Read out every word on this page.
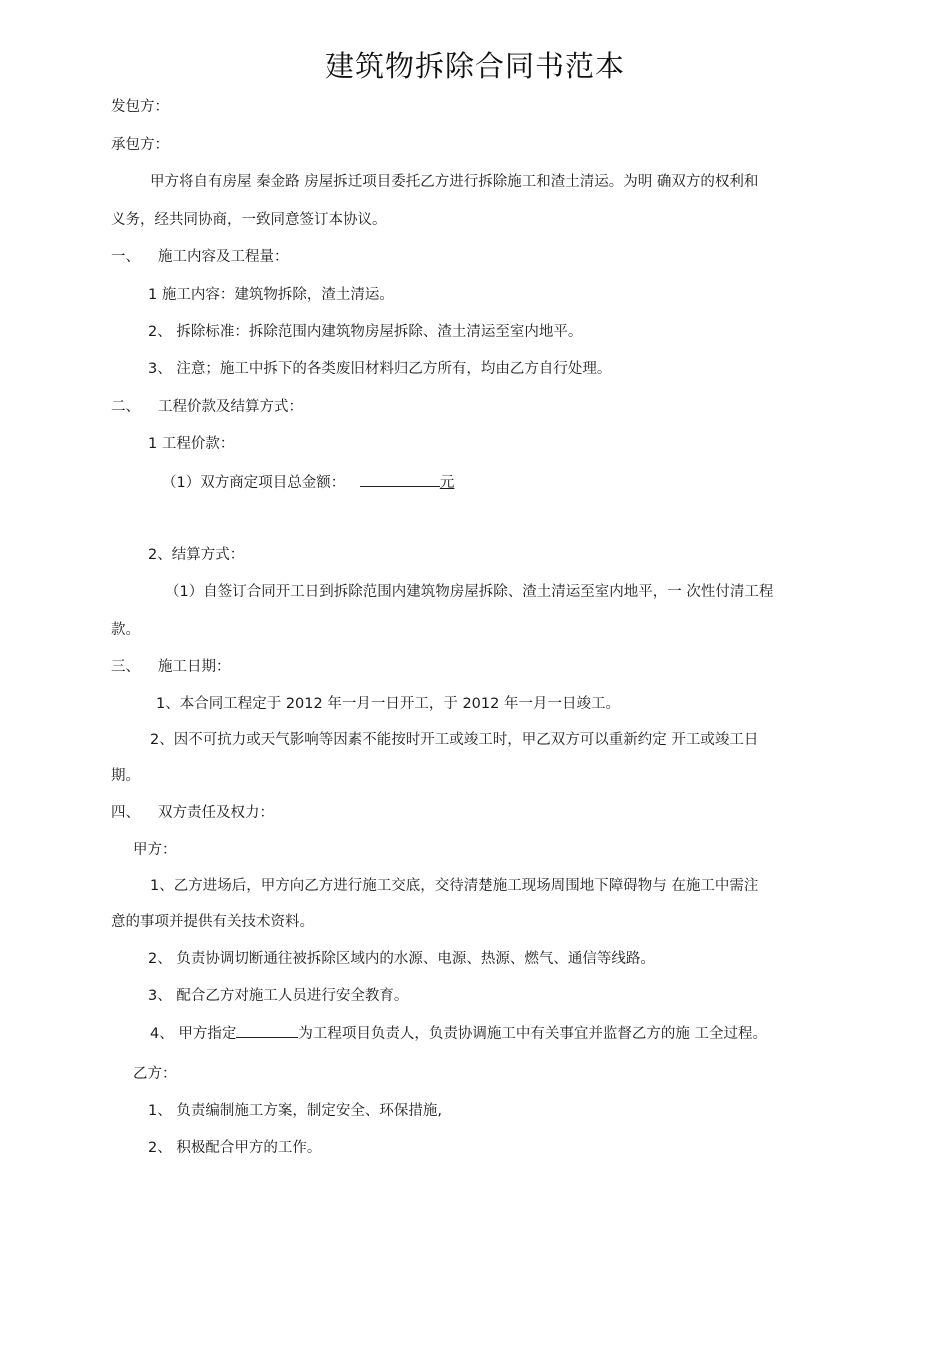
建筑物拆除合同书范本
发包方：
承包方：
甲方将自有房屋 秦金路 房屋拆迁项目委托乙方进行拆除施工和渣土清运。为明 确双方的权利和
义务，经共同协商，一致同意签订本协议。
一、 施工内容及工程量：
1 施工内容：建筑物拆除，渣土清运。
2、 拆除标准：拆除范围内建筑物房屋拆除、渣土清运至室内地平。
3、 注意；施工中拆下的各类废旧材料归乙方所有，均由乙方自行处理。
二、 工程价款及结算方式：
1 工程价款：
（1）双方商定项目总金额：	元
2、结算方式：
（1）自签订合同开工日到拆除范围内建筑物房屋拆除、渣土清运至室内地平，一 次性付清工程
款。
三、 施工日期：
1、本合同工程定于 2012 年一月一日开工，于 2012 年一月一日竣工。
2、因不可抗力或天气影响等因素不能按时开工或竣工时，甲乙双方可以重新约定 开工或竣工日
期。
四、 双方责任及权力：
甲方：
1、乙方进场后，甲方向乙方进行施工交底，交待清楚施工现场周围地下障碍物与 在施工中需注
意的事项并提供有关技术资料。
2、 负责协调切断通往被拆除区域内的水源、电源、热源、燃气、通信等线路。
3、 配合乙方对施工人员进行安全教育。
4、 甲方指定	为工程项目负责人，负责协调施工中有关事宜并监督乙方的施 工全过程。
乙方：
1、 负责编制施工方案，制定安全、环保措施,
2、 积极配合甲方的工作。
